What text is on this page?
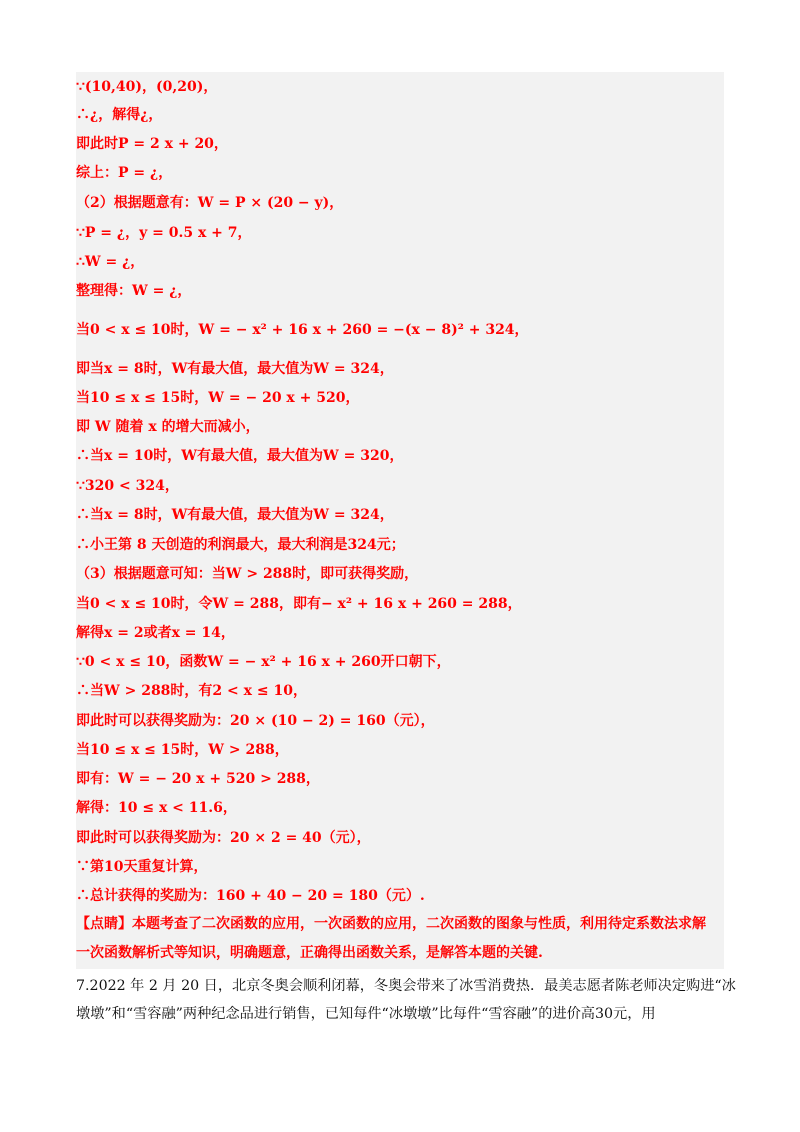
∵(10,40)，(0,20)，
∴¿，解得¿，
即此时P = 2 x + 20，
综上：P = ¿，
（2）根据题意有：W = P × (20 − y)，
∵P = ¿，y = 0.5 x + 7，
∴W = ¿，
整理得：W = ¿，
当0 < x ≤ 10时，W = − x² + 16 x + 260 = −(x − 8)² + 324，
即当x = 8时，W有最大值，最大值为W = 324，
当10 ≤ x ≤ 15时，W = − 20 x + 520，
即 W 随着 x 的增大而减小，
∴当x = 10时，W有最大值，最大值为W = 320，
∵320 < 324，
∴当x = 8时，W有最大值，最大值为W = 324，
∴小王第 8 天创造的利润最大，最大利润是324元；
（3）根据题意可知：当W > 288时，即可获得奖励，
当0 < x ≤ 10时，令W = 288，即有− x² + 16 x + 260 = 288，
解得x = 2或者x = 14，
∵0 < x ≤ 10，函数W = − x² + 16 x + 260开口朝下，
∴当W > 288时，有2 < x ≤ 10，
即此时可以获得奖励为：20 × (10 − 2) = 160（元），
当10 ≤ x ≤ 15时，W > 288，
即有：W = − 20 x + 520 > 288，
解得：10 ≤ x < 11.6，
即此时可以获得奖励为：20 × 2 = 40（元），
∵第10天重复计算，
∴总计获得的奖励为：160 + 40 − 20 = 180（元）.
【点睛】本题考查了二次函数的应用，一次函数的应用，二次函数的图象与性质，利用待定系数法求解
一次函数解析式等知识，明确题意，正确得出函数关系，是解答本题的关键.
7.2022 年 2 月 20 日，北京冬奥会顺利闭幕，冬奥会带来了冰雪消费热．最美志愿者陈老师决定购进“冰
墩墩”和“雪容融”两种纪念品进行销售，已知每件“冰墩墩”比每件“雪容融”的进价高30元，用
